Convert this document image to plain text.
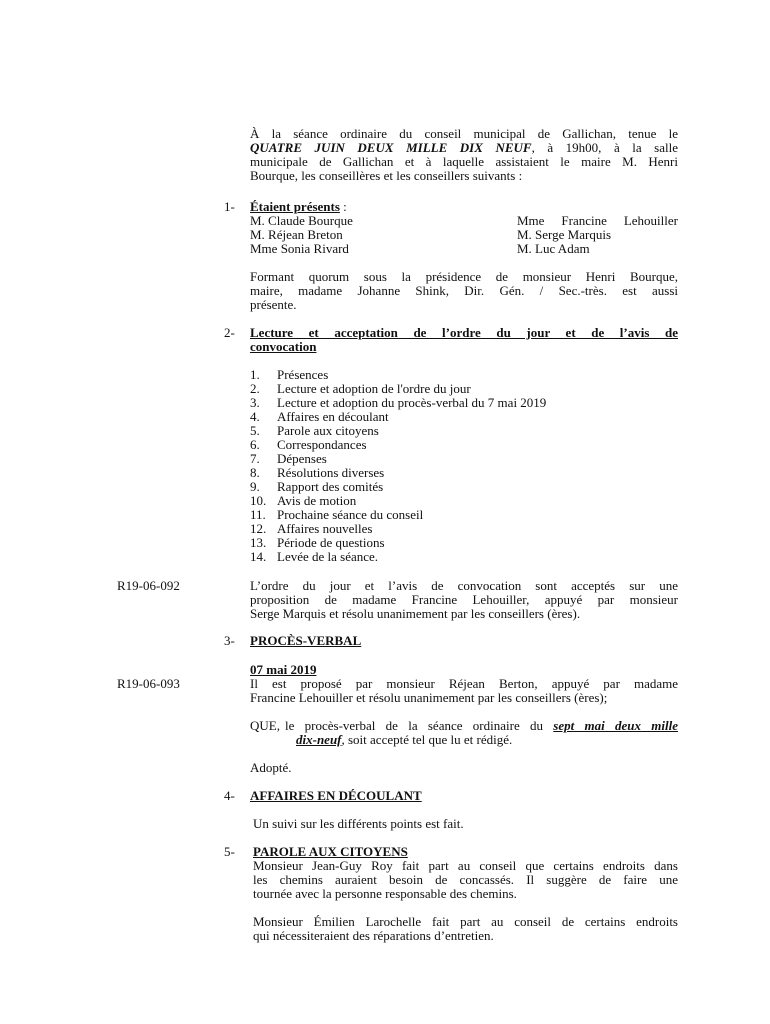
À la séance ordinaire du conseil municipal de Gallichan, tenue le
QUATRE JUIN DEUX MILLE DIX NEUF, à 19h00, à la salle
municipale de Gallichan et à laquelle assistaient le maire M. Henri
Bourque, les conseillères et les conseillers suivants :
1- Étaient présents :
M. Claude Bourque	Mme Francine Lehouiller
M. Réjean Breton	M. Serge Marquis
Mme Sonia Rivard	M. Luc Adam
Formant quorum sous la présidence de monsieur Henri Bourque,
maire, madame Johanne Shink, Dir. Gén. / Sec.-très. est aussi
présente.
2- Lecture et acceptation de l’ordre du jour et de l’avis de
convocation
1.	Présences
2.	Lecture et adoption de l'ordre du jour
3.	Lecture et adoption du procès-verbal du 7 mai 2019
4.	Affaires en découlant
5.	Parole aux citoyens
6.	Correspondances
7.	Dépenses
8.	Résolutions diverses
9.	Rapport des comités
10. Avis de motion
11. Prochaine séance du conseil
12. Affaires nouvelles
13. Période de questions
14. Levée de la séance.
R19-06-092	L’ordre du jour et l’avis de convocation sont acceptés sur une
proposition de madame Francine Lehouiller, appuyé par monsieur
Serge Marquis et résolu unanimement par les conseillers (ères).
3- PROCÈS-VERBAL
07 mai 2019
R19-06-093	Il est proposé par monsieur Réjean Berton, appuyé par madame
Francine Lehouiller et résolu unanimement par les conseillers (ères);
QUE, le procès-verbal de la séance ordinaire du sept mai deux mille
dix-neuf, soit accepté tel que lu et rédigé.
Adopté.
4- AFFAIRES EN DÉCOULANT
Un suivi sur les différents points est fait.
5- PAROLE AUX CITOYENS
Monsieur Jean-Guy Roy fait part au conseil que certains endroits dans
les chemins auraient besoin de concassés. Il suggère de faire une
tournée avec la personne responsable des chemins.
Monsieur Émilien Larochelle fait part au conseil de certains endroits
qui nécessiteraient des réparations d’entretien.
